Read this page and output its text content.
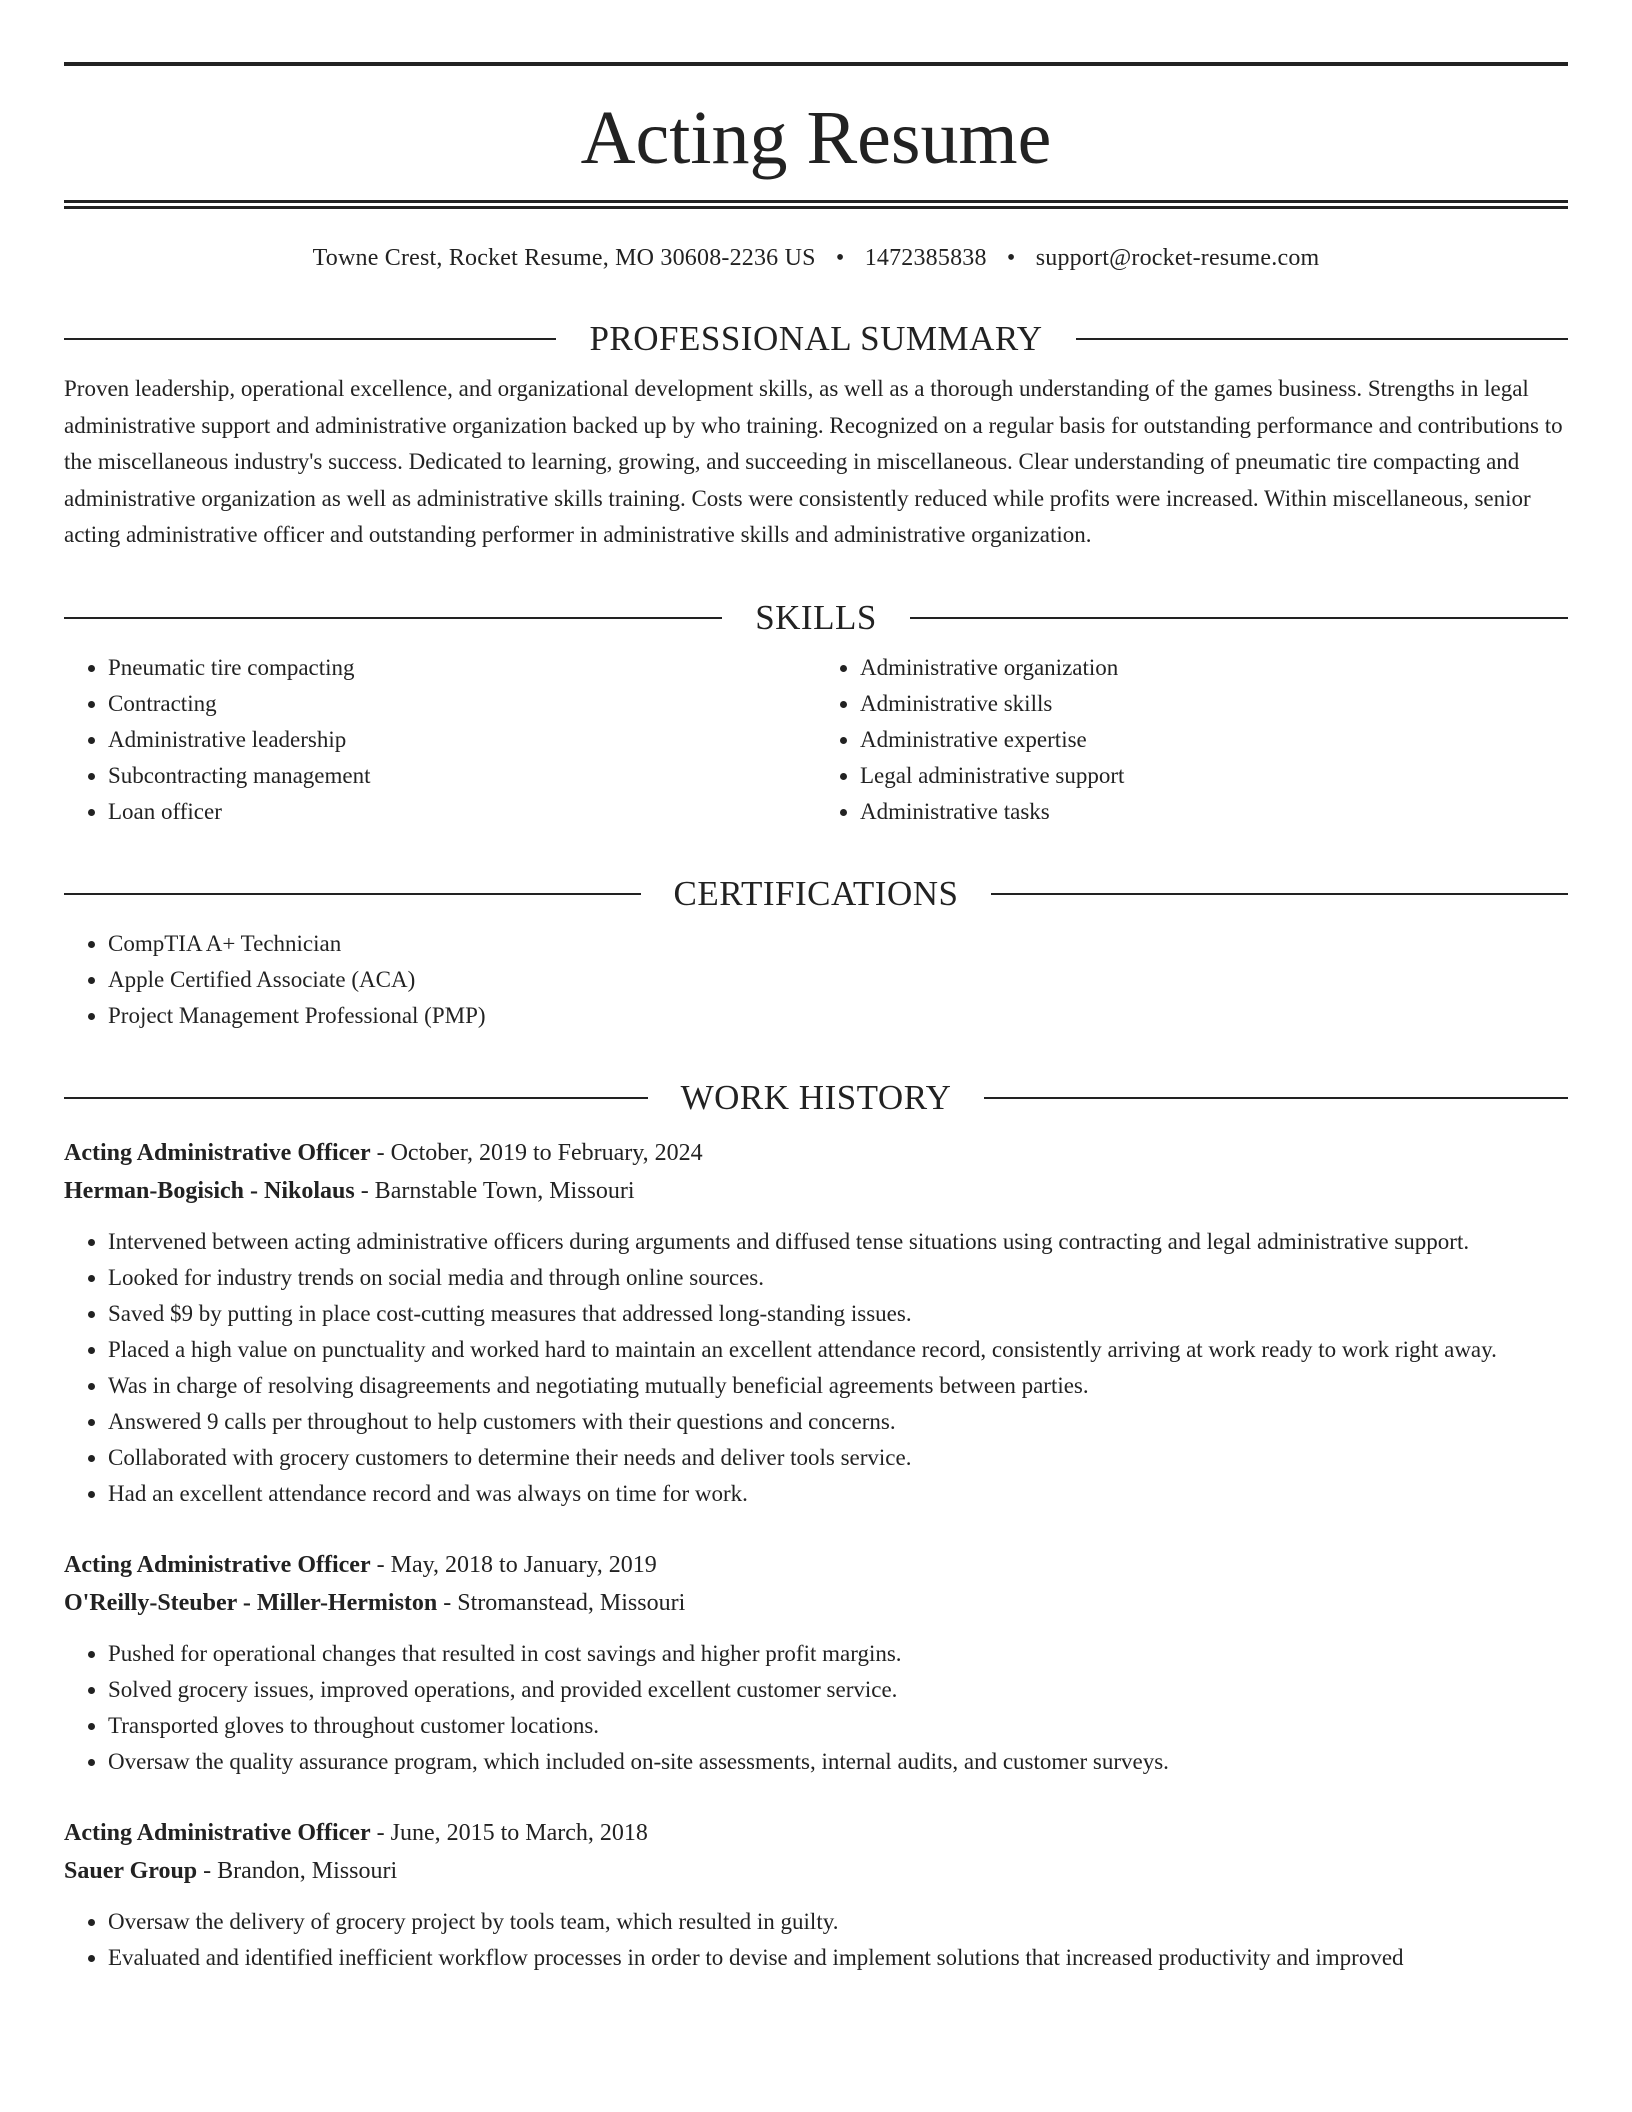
Acting Resume
Towne Crest, Rocket Resume, MO 30608-2236 US • 1472385838 • support@rocket-resume.com
PROFESSIONAL SUMMARY
Proven leadership, operational excellence, and organizational development skills, as well as a thorough understanding of the games business. Strengths in legal administrative support and administrative organization backed up by who training. Recognized on a regular basis for outstanding performance and contributions to the miscellaneous industry's success. Dedicated to learning, growing, and succeeding in miscellaneous. Clear understanding of pneumatic tire compacting and administrative organization as well as administrative skills training. Costs were consistently reduced while profits were increased. Within miscellaneous, senior acting administrative officer and outstanding performer in administrative skills and administrative organization.
SKILLS
• Pneumatic tire compacting
• Contracting
• Administrative leadership
• Subcontracting management
• Loan officer
• Administrative organization
• Administrative skills
• Administrative expertise
• Legal administrative support
• Administrative tasks
CERTIFICATIONS
• CompTIA A+ Technician
• Apple Certified Associate (ACA)
• Project Management Professional (PMP)
WORK HISTORY
Acting Administrative Officer - October, 2019 to February, 2024
Herman-Bogisich - Nikolaus - Barnstable Town, Missouri
• Intervened between acting administrative officers during arguments and diffused tense situations using contracting and legal administrative support.
• Looked for industry trends on social media and through online sources.
• Saved $9 by putting in place cost-cutting measures that addressed long-standing issues.
• Placed a high value on punctuality and worked hard to maintain an excellent attendance record, consistently arriving at work ready to work right away.
• Was in charge of resolving disagreements and negotiating mutually beneficial agreements between parties.
• Answered 9 calls per throughout to help customers with their questions and concerns.
• Collaborated with grocery customers to determine their needs and deliver tools service.
• Had an excellent attendance record and was always on time for work.
Acting Administrative Officer - May, 2018 to January, 2019
O'Reilly-Steuber - Miller-Hermiston - Stromanstead, Missouri
• Pushed for operational changes that resulted in cost savings and higher profit margins.
• Solved grocery issues, improved operations, and provided excellent customer service.
• Transported gloves to throughout customer locations.
• Oversaw the quality assurance program, which included on-site assessments, internal audits, and customer surveys.
Acting Administrative Officer - June, 2015 to March, 2018
Sauer Group - Brandon, Missouri
• Oversaw the delivery of grocery project by tools team, which resulted in guilty.
• Evaluated and identified inefficient workflow processes in order to devise and implement solutions that increased productivity and improved
